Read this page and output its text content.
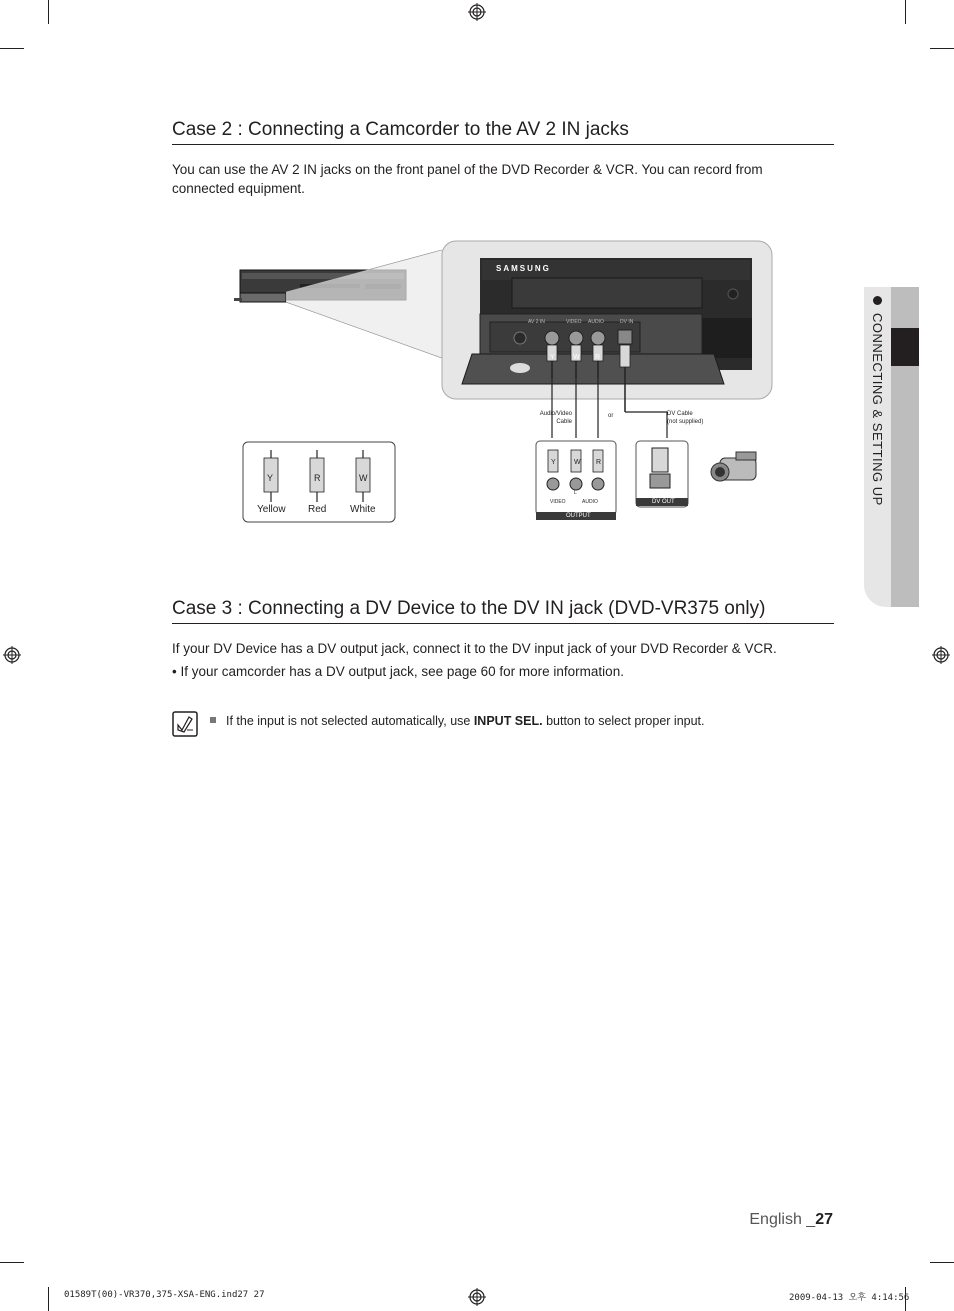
CONNECTING & SETTING UP
Case 2 : Connecting a Camcorder to the AV 2 IN jacks
You can use the AV 2 IN jacks on the front panel of the DVD Recorder & VCR. You can record from
connected equipment.
SAMSUNG
AV 2 IN	VIDEO AUDIO	DV IN
Y	W R
Audio/Video
Cable
or	DV Cable
(not supplied)
Y	W R
L
VIDEO	AUDIO
OUTPUT
DV OUT
Y	R	W
Yellow Red White
Case 3 : Connecting a DV Device to the DV IN jack (DVD-VR375 only)
If your DV Device has a DV output jack, connect it to the DV input jack of your DVD Recorder & VCR.
• If your camcorder has a DV output jack, see page 60 for more information.
If the input is not selected automatically, use INPUT SEL. button to select proper input.
English _27
01589T(00)-VR370,375-XSA-ENG.ind27 27	2009-04-13 오후 4:14:56
